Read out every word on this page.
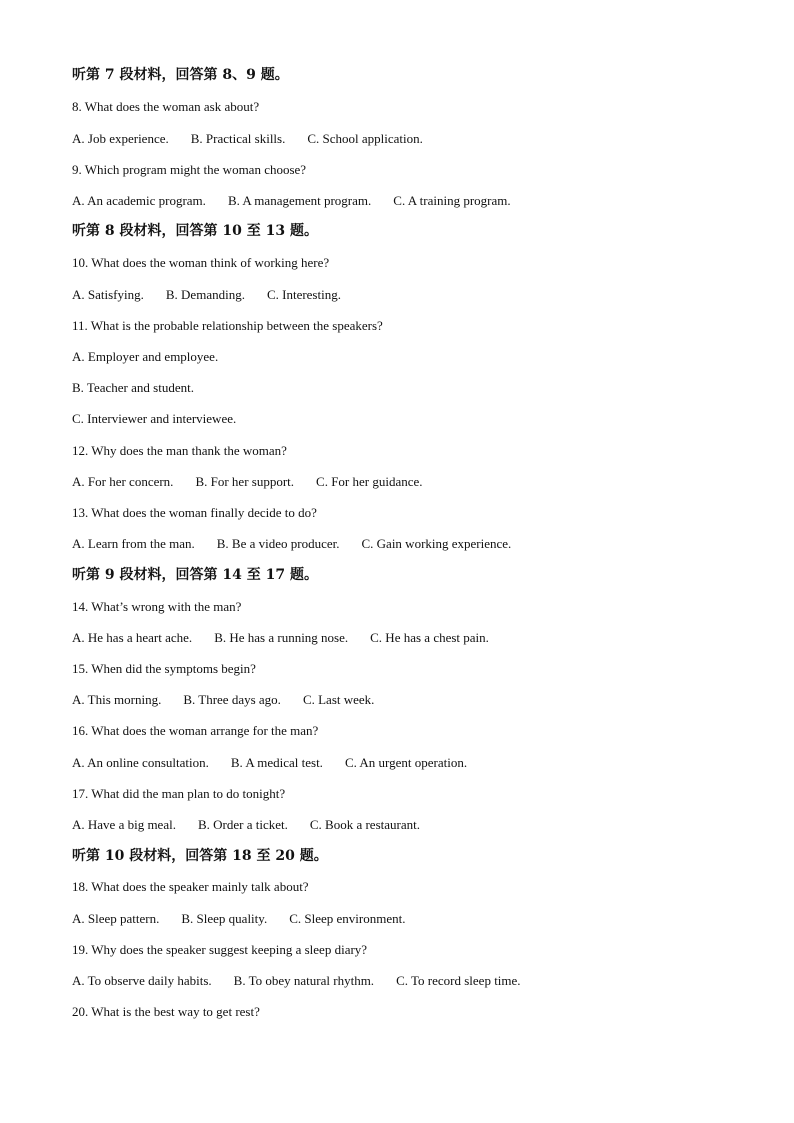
听第 7 段材料，回答第 8、9 题。
8. What does the woman ask about?
A. Job experience. B. Practical skills. C. School application.
9. Which program might the woman choose?
A. An academic program. B. A management program. C. A training program.
听第 8 段材料，回答第 10 至 13 题。
10. What does the woman think of working here?
A. Satisfying. B. Demanding. C. Interesting.
11. What is the probable relationship between the speakers?
A. Employer and employee.
B. Teacher and student.
C. Interviewer and interviewee.
12. Why does the man thank the woman?
A. For her concern. B. For her support. C. For her guidance.
13. What does the woman finally decide to do?
A. Learn from the man. B. Be a video producer. C. Gain working experience.
听第 9 段材料，回答第 14 至 17 题。
14. What’s wrong with the man?
A. He has a heart ache. B. He has a running nose. C. He has a chest pain.
15. When did the symptoms begin?
A. This morning. B. Three days ago. C. Last week.
16. What does the woman arrange for the man?
A. An online consultation. B. A medical test. C. An urgent operation.
17. What did the man plan to do tonight?
A. Have a big meal. B. Order a ticket. C. Book a restaurant.
听第 10 段材料，回答第 18 至 20 题。
18. What does the speaker mainly talk about?
A. Sleep pattern. B. Sleep quality. C. Sleep environment.
19. Why does the speaker suggest keeping a sleep diary?
A. To observe daily habits. B. To obey natural rhythm. C. To record sleep time.
20. What is the best way to get rest?
